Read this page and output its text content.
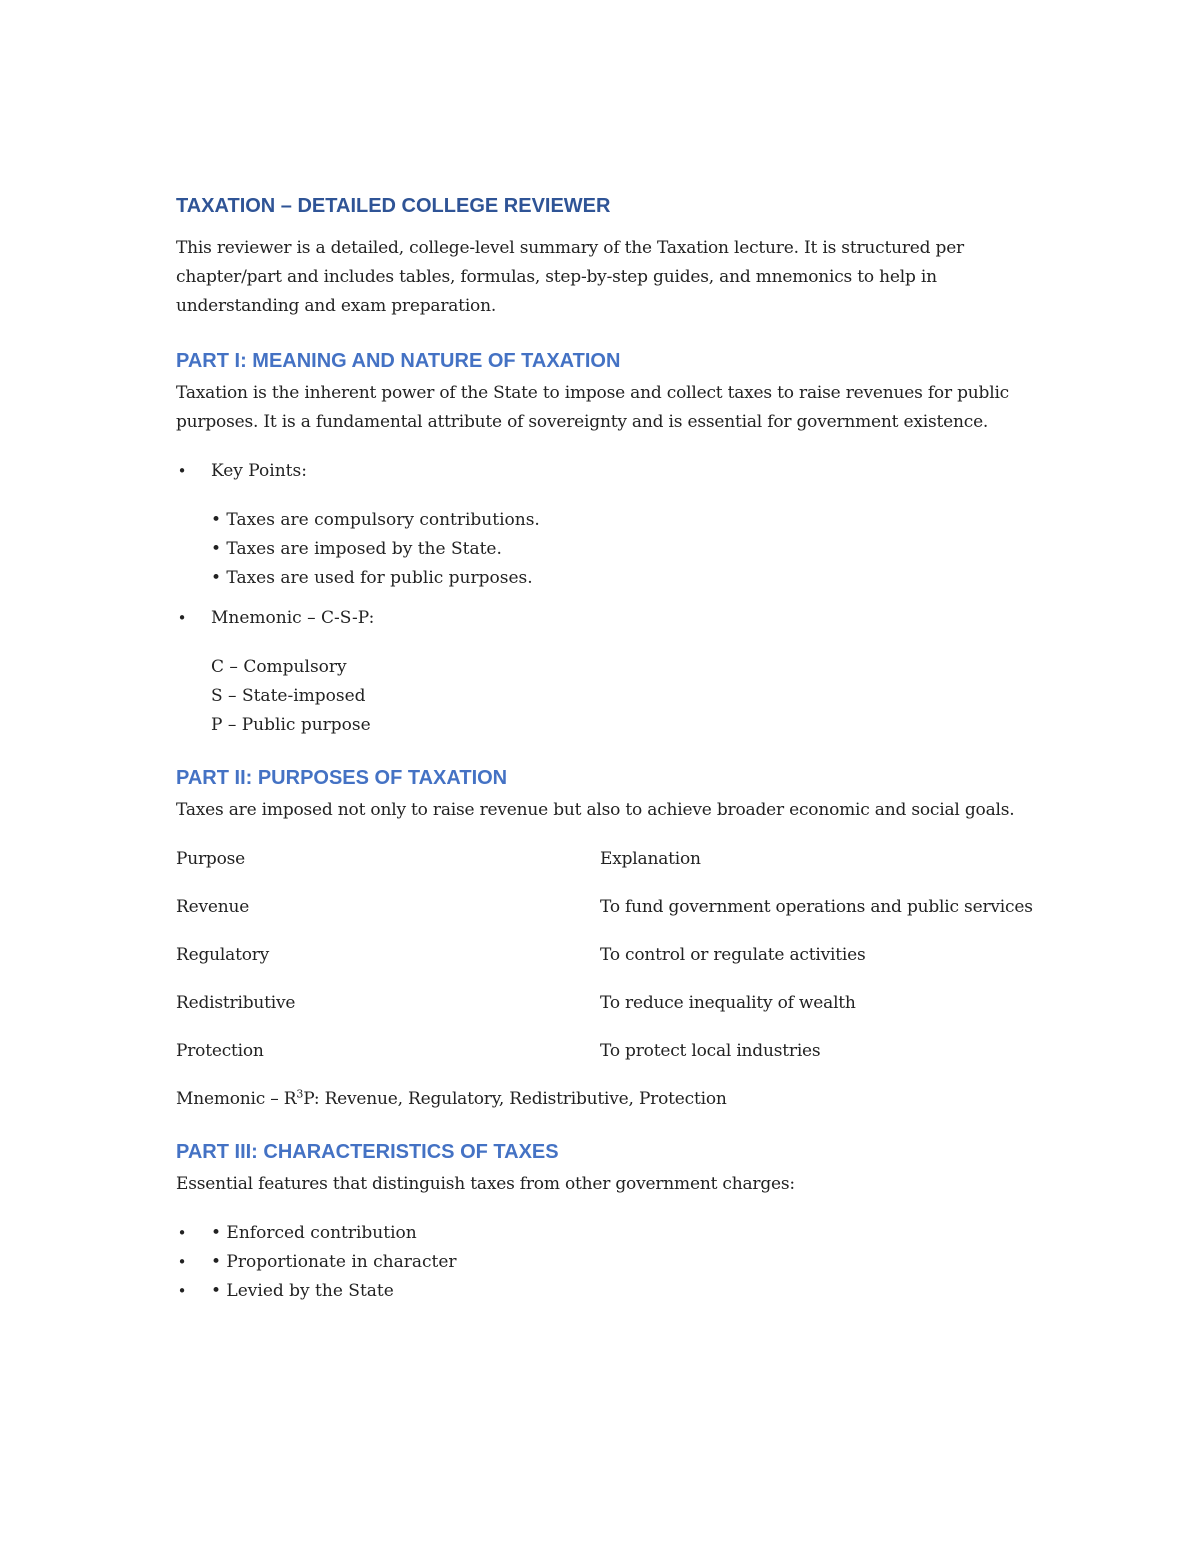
TAXATION – DETAILED COLLEGE REVIEWER

This reviewer is a detailed, college-level summary of the Taxation lecture. It is structured per chapter/part and includes tables, formulas, step-by-step guides, and mnemonics to help in understanding and exam preparation.

PART I: MEANING AND NATURE OF TAXATION

Taxation is the inherent power of the State to impose and collect taxes to raise revenues for public purposes. It is a fundamental attribute of sovereignty and is essential for government existence.

• Key Points:
• Taxes are compulsory contributions.
• Taxes are imposed by the State.
• Taxes are used for public purposes.
• Mnemonic – C-S-P:
C – Compulsory
S – State-imposed
P – Public purpose
PART II: PURPOSES OF TAXATION

Taxes are imposed not only to raise revenue but also to achieve broader economic and social goals.

Purpose	Explanation
Revenue	To fund government operations and public services
Regulatory	To control or regulate activities
Redistributive	To reduce inequality of wealth
Protection	To protect local industries

Mnemonic – $R^3P$: Revenue, Regulatory, Redistributive, Protection

PART III: CHARACTERISTICS OF TAXES

Essential features that distinguish taxes from other government charges:

• • Enforced contribution
• • Proportionate in character
• • Levied by the State
